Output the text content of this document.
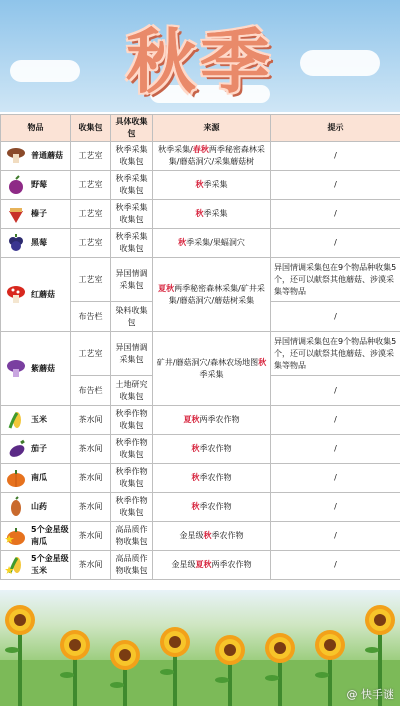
秋季
物品	收集包	具体收集包	来源	提示

普通蘑菇	工艺室	秋季采集收集包	秋季采集/春秋两季秘密森林采集/蘑菇洞穴/采集蘑菇树	/

野莓	工艺室	秋季采集收集包	秋季采集	/

榛子	工艺室	秋季采集收集包	秋季采集	/

黑莓	工艺室	秋季采集收集包	秋季采集/果蝠洞穴	/

红蘑菇	工艺室	异国情调采集包	夏秋两季秘密森林采集/矿井采集/蘑菇洞穴/蘑菇树采集	异国情调采集包在9个物品种收集5个，还可以献祭其他蘑菇、涉漠采集等物品
	布告栏	染料收集包		/

紫蘑菇	工艺室	异国情调采集包	矿井/蘑菇洞穴/森林农场地图秋季采集	异国情调采集包在9个物品种收集5个，还可以献祭其他蘑菇、涉漠采集等物品
	布告栏	土地研究收集包		/

玉米	茶水间	秋季作物收集包	夏秋两季农作物	/

茄子	茶水间	秋季作物收集包	秋季农作物	/

南瓜	茶水间	秋季作物收集包	秋季农作物	/

山药	茶水间	秋季作物收集包	秋季农作物	/

5个金星级南瓜	茶水间	高品质作物收集包	金星级秋季农作物	/

5个金星级玉米	茶水间	高品质作物收集包	金星级夏秋两季农作物	/
@ 快手谜
